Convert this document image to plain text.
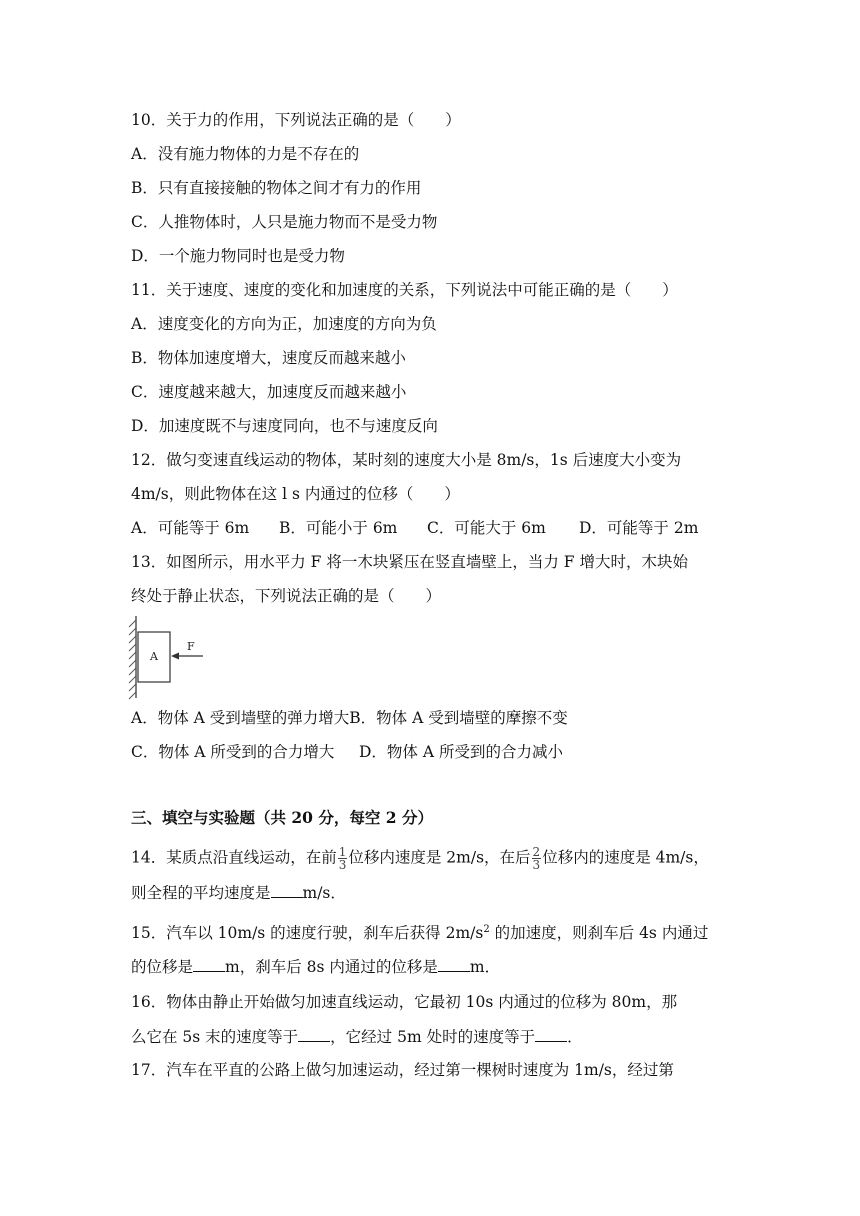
10．关于力的作用，下列说法正确的是（　　）
A．没有施力物体的力是不存在的
B．只有直接接触的物体之间才有力的作用
C．人推物体时，人只是施力物而不是受力物
D．一个施力物同时也是受力物
11．关于速度、速度的变化和加速度的关系，下列说法中可能正确的是（　　）
A．速度变化的方向为正，加速度的方向为负
B．物体加速度增大，速度反而越来越小
C．速度越来越大，加速度反而越来越小
D．加速度既不与速度同向，也不与速度反向
12．做匀变速直线运动的物体，某时刻的速度大小是 8m/s，1s 后速度大小变为
4m/s，则此物体在这 l s 内通过的位移（　　）
A．可能等于 6m B．可能小于 6m C．可能大于 6m D．可能等于 2m
13．如图所示，用水平力 F 将一木块紧压在竖直墙壁上，当力 F 增大时，木块始
终处于静止状态，下列说法正确的是（　　）
A
F
A．物体 A 受到墙壁的弹力增大B．物体 A 受到墙壁的摩擦不变
C．物体 A 所受到的合力增大 D．物体 A 所受到的合力减小
三、填空与实验题（共 20 分，每空 2 分）
14．某质点沿直线运动，在前 $\frac{1}{3}$ 位移内速度是 2m/s，在后 $\frac{2}{3}$ 位移内的速度是 4m/s，
则全程的平均速度是 m/s．
15．汽车以 10m/s 的速度行驶，刹车后获得 $2m/s^2$ 的加速度，则刹车后 4s 内通过
的位移是 m，刹车后 8s 内通过的位移是 m．
16．物体由静止开始做匀加速直线运动，它最初 10s 内通过的位移为 80m，那
么它在 5s 末的速度等于 ，它经过 5m 处时的速度等于 ．
17．汽车在平直的公路上做匀加速运动，经过第一棵树时速度为 1m/s，经过第
